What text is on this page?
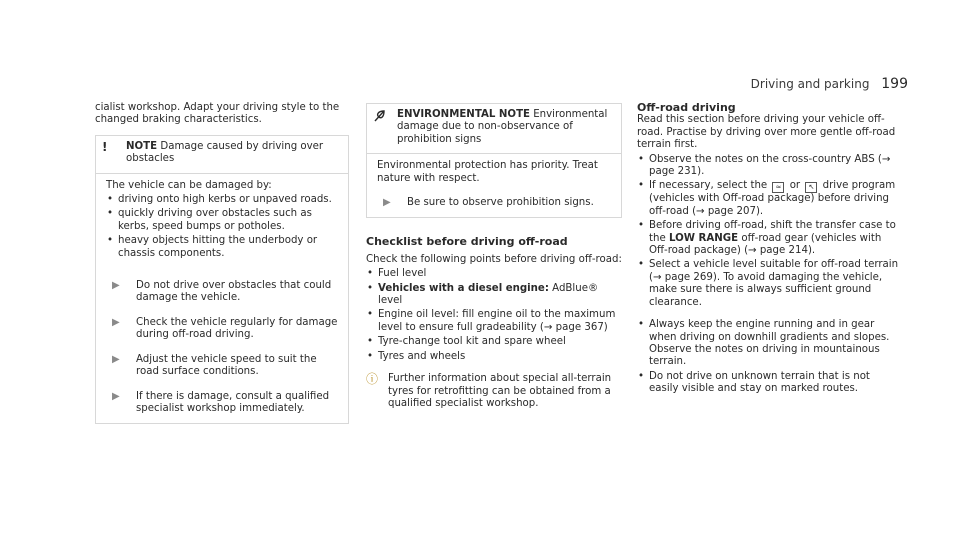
Driving and parking 199

cialist workshop. Adapt your driving style to the changed braking characteristics.

!	NOTE Damage caused by driving over obstacles

The vehicle can be damaged by:

• driving onto high kerbs or unpaved roads.
• quickly driving over obstacles such as kerbs, speed bumps or potholes.
• heavy objects hitting the underbody or chassis components.
▶	Do not drive over obstacles that could damage the vehicle.
▶	Check the vehicle regularly for damage during off-road driving.
▶	Adjust the vehicle speed to suit the road surface conditions.
▶	If there is damage, consult a qualified specialist workshop immediately.
ENVIRONMENTAL NOTE Environmental damage due to non-observance of prohibition signs

Environmental protection has priority. Treat nature with respect.

▶	Be sure to observe prohibition signs.

Checklist before driving off-road

Check the following points before driving off-road:

• Fuel level
• Vehicles with a diesel engine: AdBlue® level
• Engine oil level: fill engine oil to the maximum level to ensure full gradeability (→ page 367)
• Tyre-change tool kit and spare wheel
• Tyres and wheels
ⓘ Further information about special all-terrain tyres for retrofitting can be obtained from a qualified specialist workshop.

Off-road driving

Read this section before driving your vehicle off-road. Practise by driving over more gentle off-road terrain first.

• Observe the notes on the cross-country ABS (→ page 231).
• If necessary, select the ≈ or ↖ drive program (vehicles with Off-road package) before driving off-road (→ page 207).
• Before driving off-road, shift the transfer case to the LOW RANGE off-road gear (vehicles with Off-road package) (→ page 214).
• Select a vehicle level suitable for off-road terrain (→ page 269). To avoid damaging the vehicle, make sure there is always sufficient ground clearance.
• Always keep the engine running and in gear when driving on downhill gradients and slopes. Observe the notes on driving in mountainous terrain.
• Do not drive on unknown terrain that is not easily visible and stay on marked routes.
